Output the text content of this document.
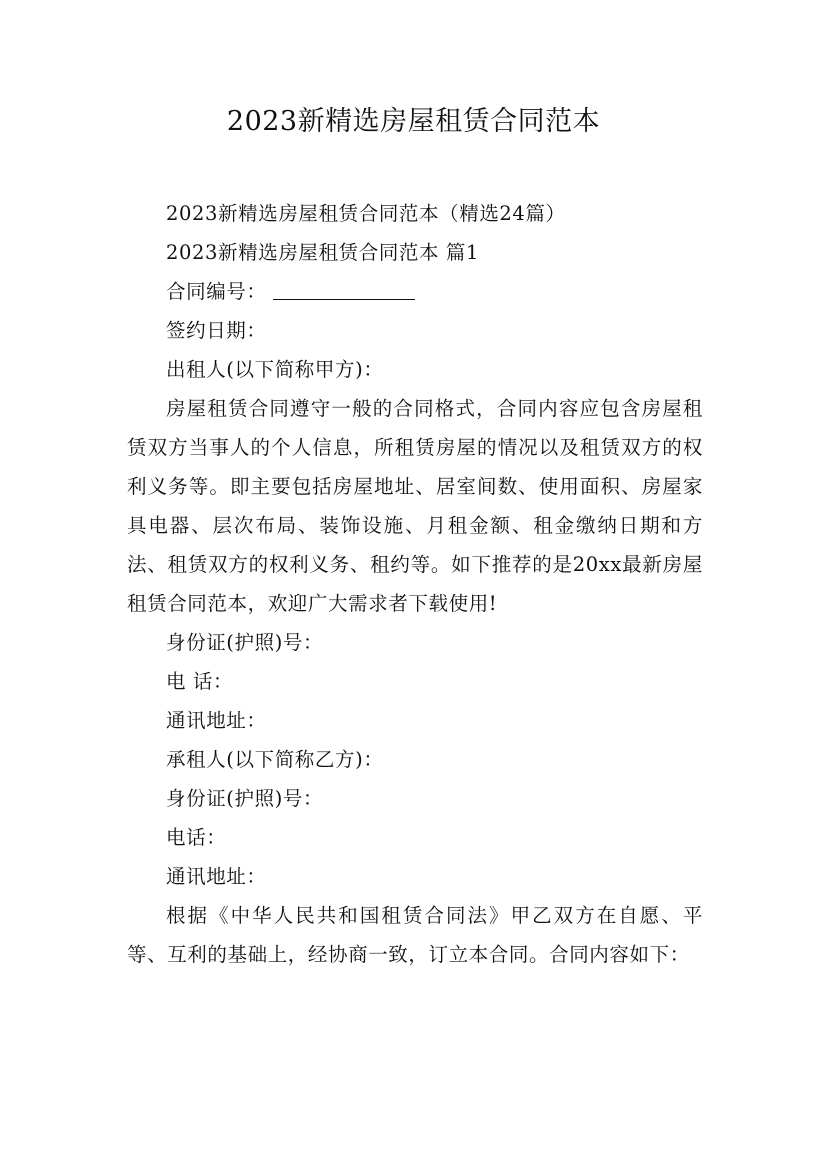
2023新精选房屋租赁合同范本

2023新精选房屋租赁合同范本（精选24篇）

2023新精选房屋租赁合同范本 篇1

合同编号：

签约日期：

出租人(以下简称甲方)：

房屋租赁合同遵守一般的合同格式，合同内容应包含房屋租赁双方当事人的个人信息，所租赁房屋的情况以及租赁双方的权利义务等。即主要包括房屋地址、居室间数、使用面积、房屋家具电器、层次布局、装饰设施、月租金额、租金缴纳日期和方法、租赁双方的权利义务、租约等。如下推荐的是20xx最新房屋租赁合同范本，欢迎广大需求者下载使用!

身份证(护照)号：

电 话：

通讯地址：

承租人(以下简称乙方)：

身份证(护照)号：

电话：

通讯地址：

根据《中华人民共和国租赁合同法》甲乙双方在自愿、平等、互利的基础上，经协商一致，订立本合同。合同内容如下：
